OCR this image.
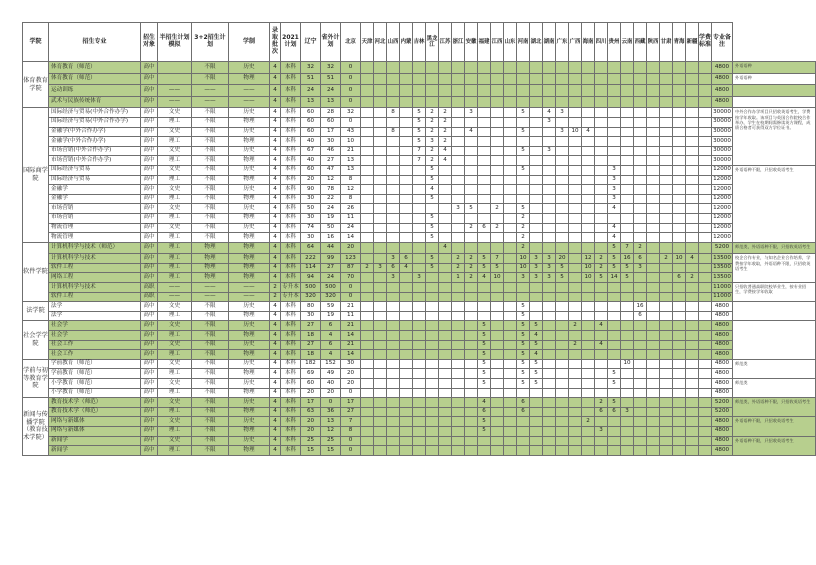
学院	招生专业	招生对象	半招生计划模拟	3+2招生计划	学制	录取批次	2021计划	辽宁	省外计划	北京	天津	河北	山西	内蒙	吉林	黑龙江	江苏	浙江	安徽	福建	江西	山东	河南	湖北	湖南	广东	广西	海南	四川	贵州	云南	西藏	陕西	甘肃	青海	新疆	学费标准	专业备注	
体育教育学院	体育教育（师范）	高中		不限	历史	4	本科	32	32	0																												4800	外语语种
	体育教育（师范）	高中		不限	物理	4	本科	51	51	0																												4800	外语语种
	运动训练	高中	——	——	——	4	本科	24	24	0																												4800	
	武术与民族传统体育	高中	——	——	——	4	本科	13	13	0																												4800	
国际商学院	国际经济与贸易(中外合作办学)	高中	文史	不限	历史	4	本科	60	28	32			8		5	2	2		3				5		4	3												30000	中外合作办学项目只招收英语考生，学费按学年收取。该项目与英国合作院校合作举办，学生在校期间需修读英方课程，成绩合格者可获得双方学位证书。
	国际经济与贸易(中外合作办学)	高中	理工	不限	物理	4	本科	60	60	0					5	2	2								3													30000	
	金融学(中外合作办学)	高中	文史	不限	历史	4	本科	60	17	43			8		5	2	2		4				5			3	10	4										30000	
	金融学(中外合作办学)	高中	理工	不限	物理	4	本科	40	30	10					5	3	2																					30000	
	市场营销(中外合作办学)	高中	文史	不限	历史	4	本科	67	46	21					7	2	4						5		3													30000	
	市场营销(中外合作办学)	高中	理工	不限	物理	4	本科	40	27	13					7	2	4																					30000	
	国际经济与贸易	高中	文史	不限	历史	4	本科	60	47	13						5							5							3								12000	外语语种不限，只招收英语考生
	国际经济与贸易	高中	理工	不限	物理	4	本科	20	12	8						5														3								12000	
	金融学	高中	文史	不限	历史	4	本科	90	78	12						4														3								12000	
	金融学	高中	理工	不限	物理	4	本科	30	22	8						5														3								12000	
	市场营销	高中	文史	不限	历史	4	本科	50	24	26								3	5		2		5							4								12000	
	市场营销	高中	理工	不限	物理	4	本科	30	19	11						5							2															12000	
	物流管理	高中	文史	不限	历史	4	本科	74	50	24						5			2	6	2		2							4								12000	
	物流管理	高中	理工	不限	物理	4	本科	30	16	14						5							2							4								12000	
软件学院	计算机科学与技术（师范）	高中	理工	物理	物理	4	本科	64	44	20							4						2							5	7	2						5200	师范类，外语语种不限，只招收英语考生
	计算机科学与技术	高中	理工	物理	物理	4	本科	222	99	123			3	6		5		2	2	5	7		10	3	3	20		12	2	5	16	6		2	10	4		13500	校企合作专业，与知名企业合作培养，学费按学年收取，外语语种不限，只招收英语考生
	软件工程	高中	理工	物理	物理	4	本科	114	27	87	2	3	6	4		5		2	2	5	5		10	3	3	5		10	2	5	5	3						13500	
	网络工程	高中	理工	物理	物理	4	本科	94	24	70			3		3			1	2	4	10		3	3	3	5		10	5	14	5				6	2		13500	
	计算机科学与技术	高职	——	——	——	2	专升本	500	500	0																												11000	只招收普通高职院校毕业生，按专业招生，学费按学年收取
	软件工程	高职	——	——	——	2	专升本	320	320	0																												11000	
法学院	法学	高中	文史	不限	历史	4	本科	80	59	21													5									16						4800	
	法学	高中	理工	不限	物理	4	本科	30	19	11													5									6						4800	
社会学学院	社会学	高中	文史	不限	历史	4	本科	27	6	21										5			5	5			2		4									4800	
	社会学	高中	理工	不限	物理	4	本科	18	4	14										5			5	4														4800	
	社会工作	高中	文史	不限	历史	4	本科	27	6	21										5			5	5			2		4									4800	
	社会工作	高中	理工	不限	物理	4	本科	18	4	14										5			5	4														4800	
学前与初等教育学院	学前教育（师范）	高中	文史	不限	历史	4	本科	182	152	30										5			5	5							10							4800	师范类
	学前教育（师范）	高中	理工	不限	物理	4	本科	69	49	20										5			5	5						5								4800	
	小学教育（师范）	高中	文史	不限	历史	4	本科	60	40	20										5			5	5						5								4800	师范类
	小学教育（师范）	高中	理工	不限	物理	4	本科	20	20	0																												4800	
新闻与传播学院（教育技术学院）	教育技术学（师范）	高中	文史	不限	历史	4	本科	17	0	17										4			6						2	5								5200	师范类，外语语种不限，只招收英语考生
	教育技术学（师范）	高中	理工	不限	物理	4	本科	63	36	27										6			6						6	6	3							5200	
	网络与新媒体	高中	文史	不限	历史	4	本科	20	13	7										5								2										4800	外语语种不限，只招收英语考生
	网络与新媒体	高中	理工	不限	物理	4	本科	20	12	8										5									3									4800	
	新闻学	高中	文史	不限	历史	4	本科	25	25	0																												4800	外语语种不限，只招收英语考生
	新闻学	高中	理工	不限	物理	4	本科	15	15	0																												4800	
